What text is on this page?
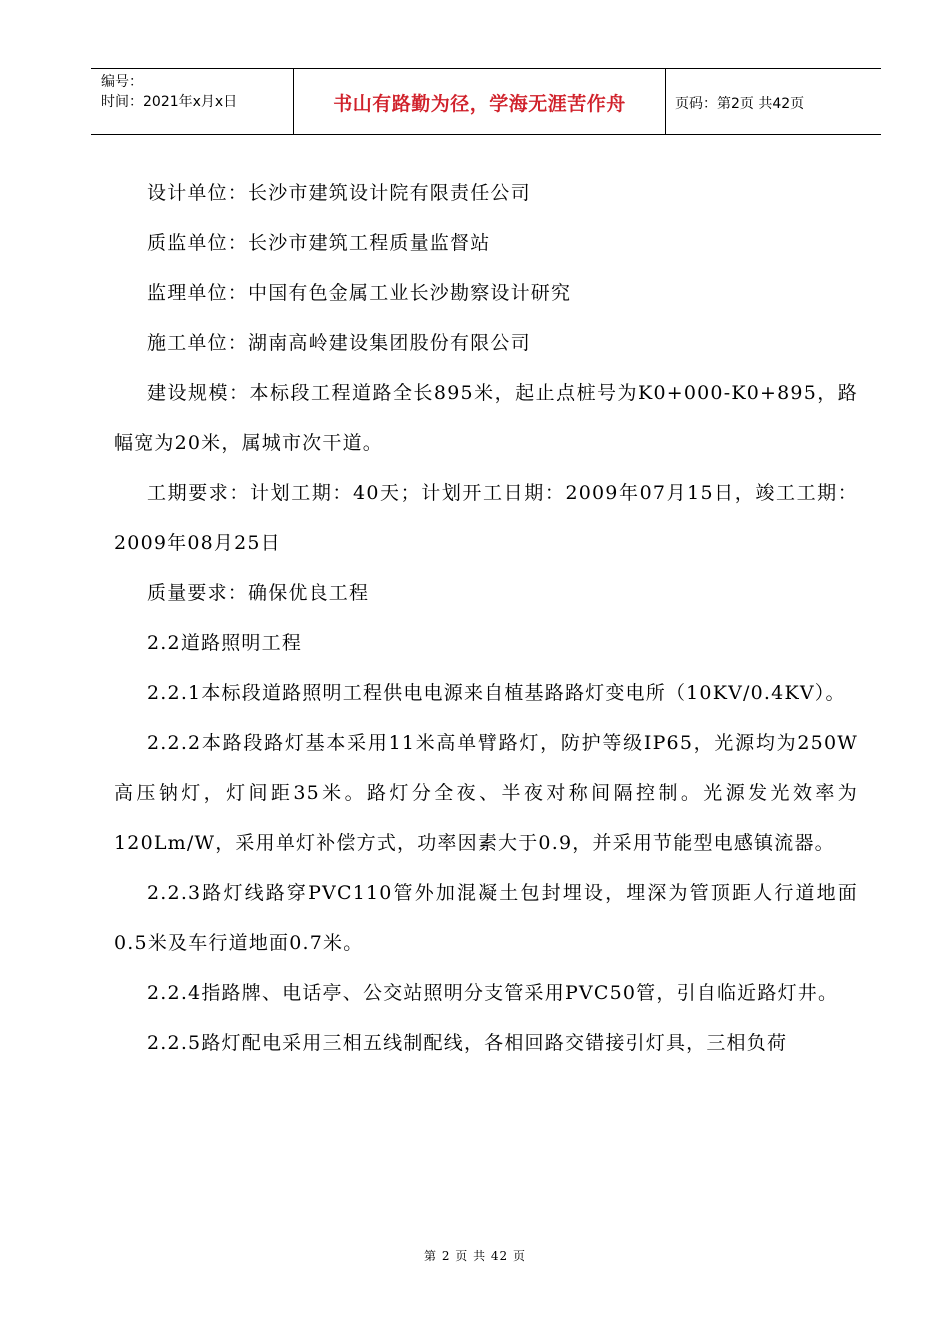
编号：
时间：2021年x月x日	书山有路勤为径，学海无涯苦作舟	页码：第2页 共42页

设计单位：长沙市建筑设计院有限责任公司

质监单位：长沙市建筑工程质量监督站

监理单位：中国有色金属工业长沙勘察设计研究

施工单位：湖南高岭建设集团股份有限公司

建设规模：本标段工程道路全长895米，起止点桩号为K0+000-K0+895，路幅宽为20米，属城市次干道。

工期要求：计划工期：40天；计划开工日期：2009年07月15日，竣工工期：2009年08月25日

质量要求：确保优良工程

2.2道路照明工程

2.2.1本标段道路照明工程供电电源来自植基路路灯变电所（10KV/0.4KV）。

2.2.2本路段路灯基本采用11米高单臂路灯，防护等级IP65，光源均为250W高压钠灯，灯间距35米。路灯分全夜、半夜对称间隔控制。光源发光效率为120Lm/W，采用单灯补偿方式，功率因素大于0.9，并采用节能型电感镇流器。

2.2.3路灯线路穿PVC110管外加混凝土包封埋设，埋深为管顶距人行道地面0.5米及车行道地面0.7米。

2.2.4指路牌、电话亭、公交站照明分支管采用PVC50管，引自临近路灯井。

2.2.5路灯配电采用三相五线制配线，各相回路交错接引灯具，三相负荷

第 2 页 共 42 页
